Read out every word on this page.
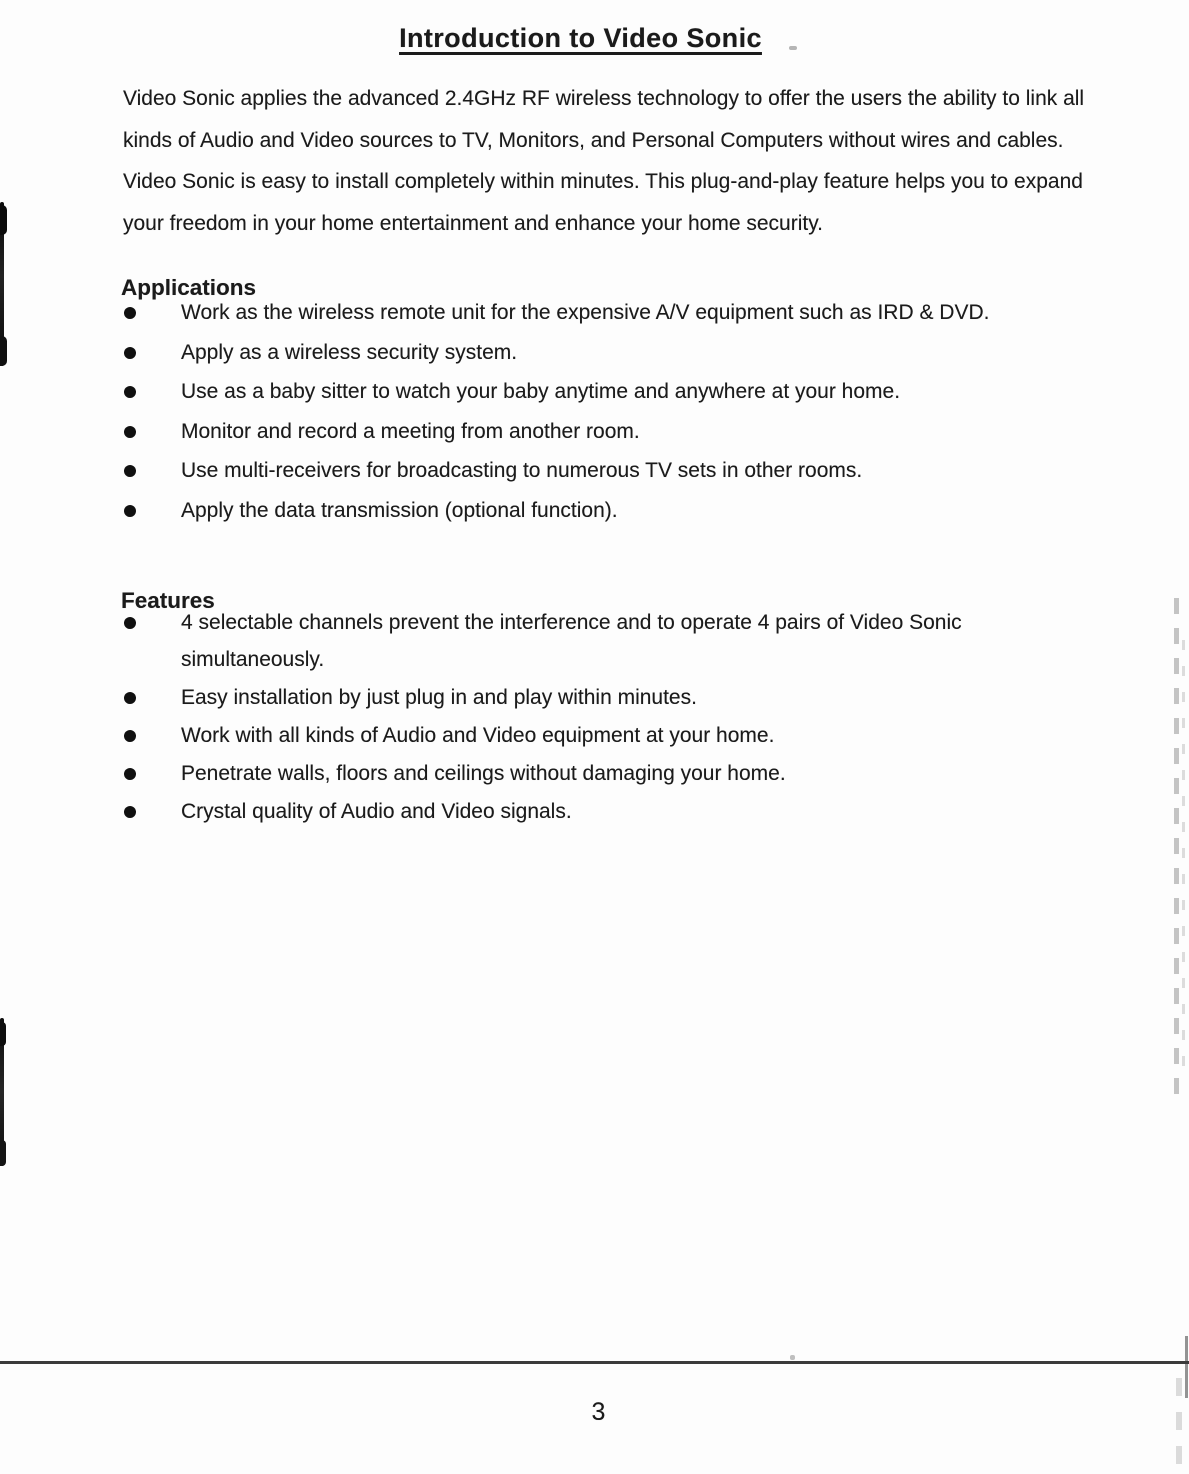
Introduction to Video Sonic

Video Sonic applies the advanced 2.4GHz RF wireless technology to offer the users the ability to link all kinds of Audio and Video sources to TV, Monitors, and Personal Computers without wires and cables. Video Sonic is easy to install completely within minutes. This plug-and-play feature helps you to expand your freedom in your home entertainment and enhance your home security.

Applications
Work as the wireless remote unit for the expensive A/V equipment such as IRD & DVD.
Apply as a wireless security system.
Use as a baby sitter to watch your baby anytime and anywhere at your home.
Monitor and record a meeting from another room.
Use multi-receivers for broadcasting to numerous TV sets in other rooms.
Apply the data transmission (optional function).
Features
4 selectable channels prevent the interference and to operate 4 pairs of Video Sonic simultaneously.
Easy installation by just plug in and play within minutes.
Work with all kinds of Audio and Video equipment at your home.
Penetrate walls, floors and ceilings without damaging your home.
Crystal quality of Audio and Video signals.
3
